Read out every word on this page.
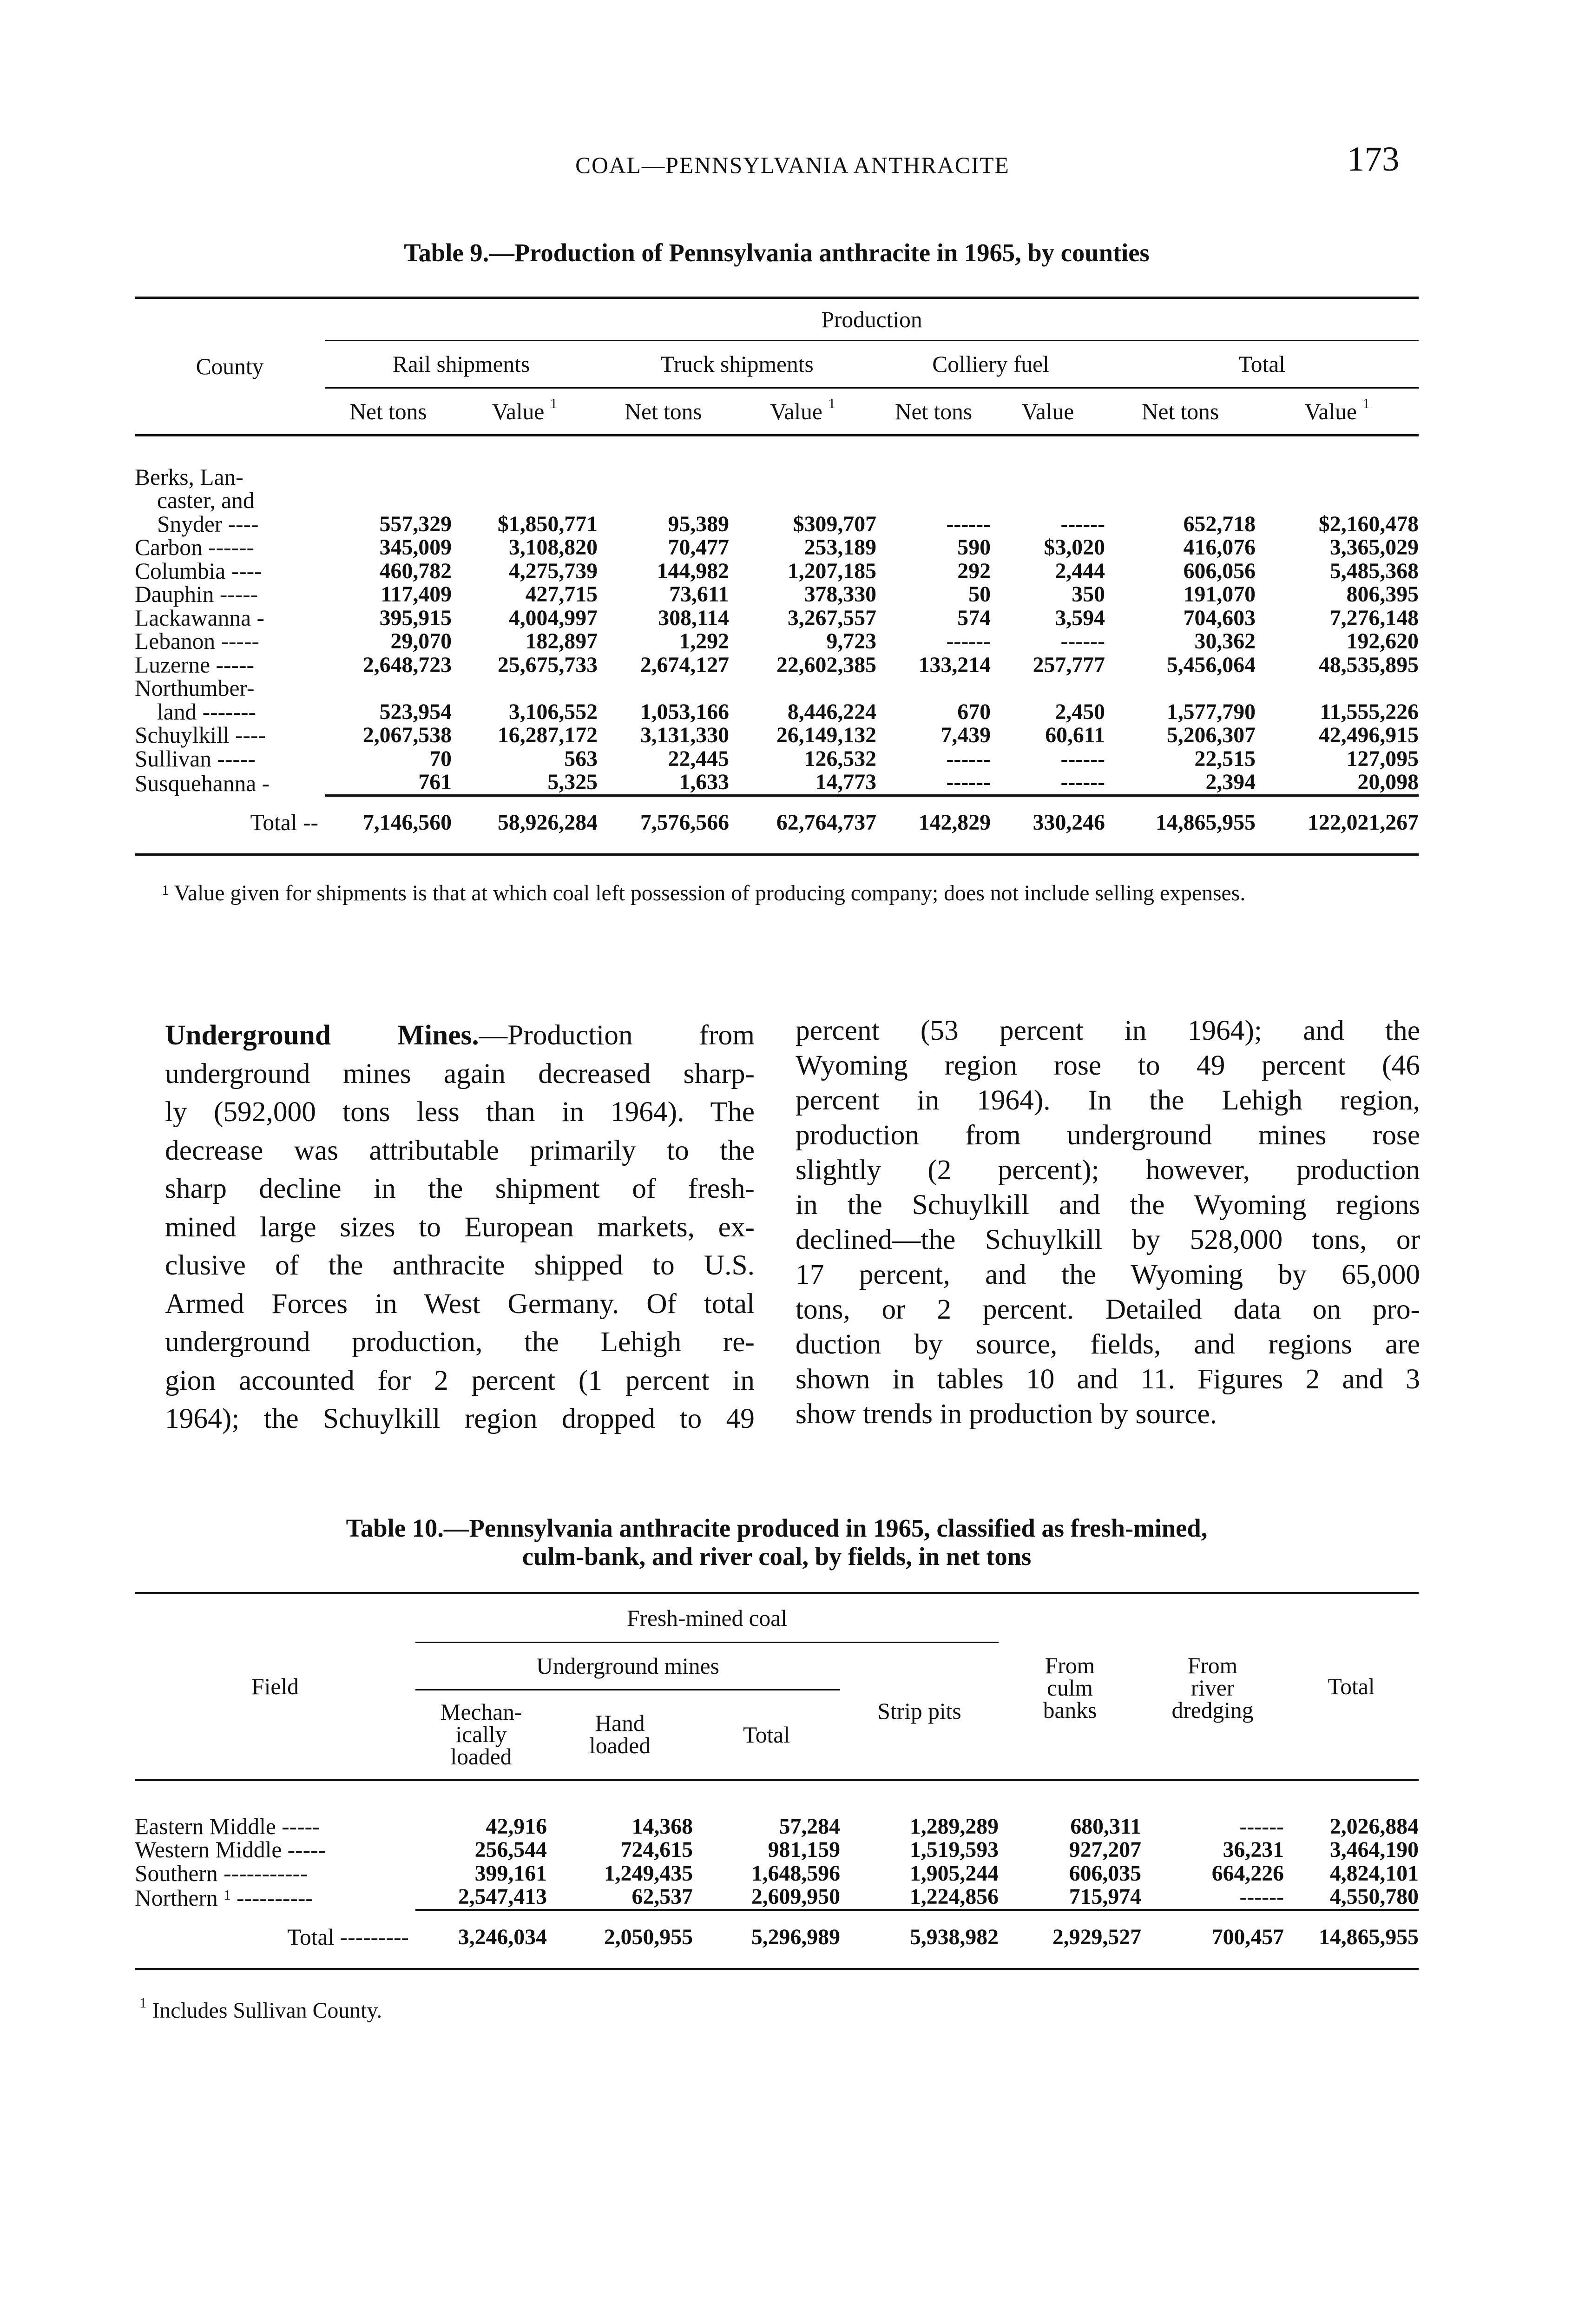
COAL—PENNSYLVANIA ANTHRACITE	173
Table 9.—Production of Pennsylvania anthracite in 1965, by counties
County	Production							
	Rail shipments		Truck shipments		Colliery fuel		Total	
	Net tons	Value $^1$	Net tons	Value $^1$	Net tons	Value	Net tons	Value $^1$

Berks, Lan-
caster, and
Snyder ----	557,329	$1,850,771	95,389	$309,707	------	------	652,718	$2,160,478

Carbon ------	345,009	3,108,820	70,477	253,189	590	$3,020	416,076	3,365,029

Columbia ----	460,782	4,275,739	144,982	1,207,185	292	2,444	606,056	5,485,368

Dauphin -----	117,409	427,715	73,611	378,330	50	350	191,070	806,395

Lackawanna -	395,915	4,004,997	308,114	3,267,557	574	3,594	704,603	7,276,148

Lebanon -----	29,070	182,897	1,292	9,723	------	------	30,362	192,620

Luzerne -----	2,648,723	25,675,733	2,674,127	22,602,385	133,214	257,777	5,456,064	48,535,895

Northumber-
land -------	523,954	3,106,552	1,053,166	8,446,224	670	2,450	1,577,790	11,555,226

Schuylkill ----	2,067,538	16,287,172	3,131,330	26,149,132	7,439	60,611	5,206,307	42,496,915

Sullivan -----	70	563	22,445	126,532	------	------	22,515	127,095

Susquehanna -	761	5,325	1,633	14,773	------	------	2,394	20,098
Total --	7,146,560	58,926,284	7,576,566	62,764,737	142,829	330,246	14,865,955	122,021,267
$^1$ Value given for shipments is that at which coal left possession of producing company; does not include selling expenses.
Underground Mines.—Production from
underground mines again decreased sharp-
ly (592,000 tons less than in 1964). The
decrease was attributable primarily to the
sharp decline in the shipment of fresh-
mined large sizes to European markets, ex-
clusive of the anthracite shipped to U.S.
Armed Forces in West Germany. Of total
underground production, the Lehigh re-
gion accounted for 2 percent (1 percent in
1964); the Schuylkill region dropped to 49
percent (53 percent in 1964); and the
Wyoming region rose to 49 percent (46
percent in 1964). In the Lehigh region,
production from underground mines rose
slightly (2 percent); however, production
in the Schuylkill and the Wyoming regions
declined—the Schuylkill by 528,000 tons, or
17 percent, and the Wyoming by 65,000
tons, or 2 percent. Detailed data on pro-
duction by source, fields, and regions are
shown in tables 10 and 11. Figures 2 and 3
show trends in production by source.
Table 10.—Pennsylvania anthracite produced in 1965, classified as fresh-mined,
culm-bank, and river coal, by fields, in net tons
Field	Fresh-mined coal				From
culm
banks	From
river
dredging	Total
	Underground mines			Strip pits			
	Mechan-
ically
loaded	Hand
loaded	Total				

Eastern Middle -----	42,916	14,368	57,284	1,289,289	680,311	------	2,026,884
Western Middle -----	256,544	724,615	981,159	1,519,593	927,207	36,231	3,464,190
Southern -----------	399,161	1,249,435	1,648,596	1,905,244	606,035	664,226	4,824,101
Northern $^1$ ----------	2,547,413	62,537	2,609,950	1,224,856	715,974	------	4,550,780
Total ---------	3,246,034	2,050,955	5,296,989	5,938,982	2,929,527	700,457	14,865,955
$^1$ Includes Sullivan County.
